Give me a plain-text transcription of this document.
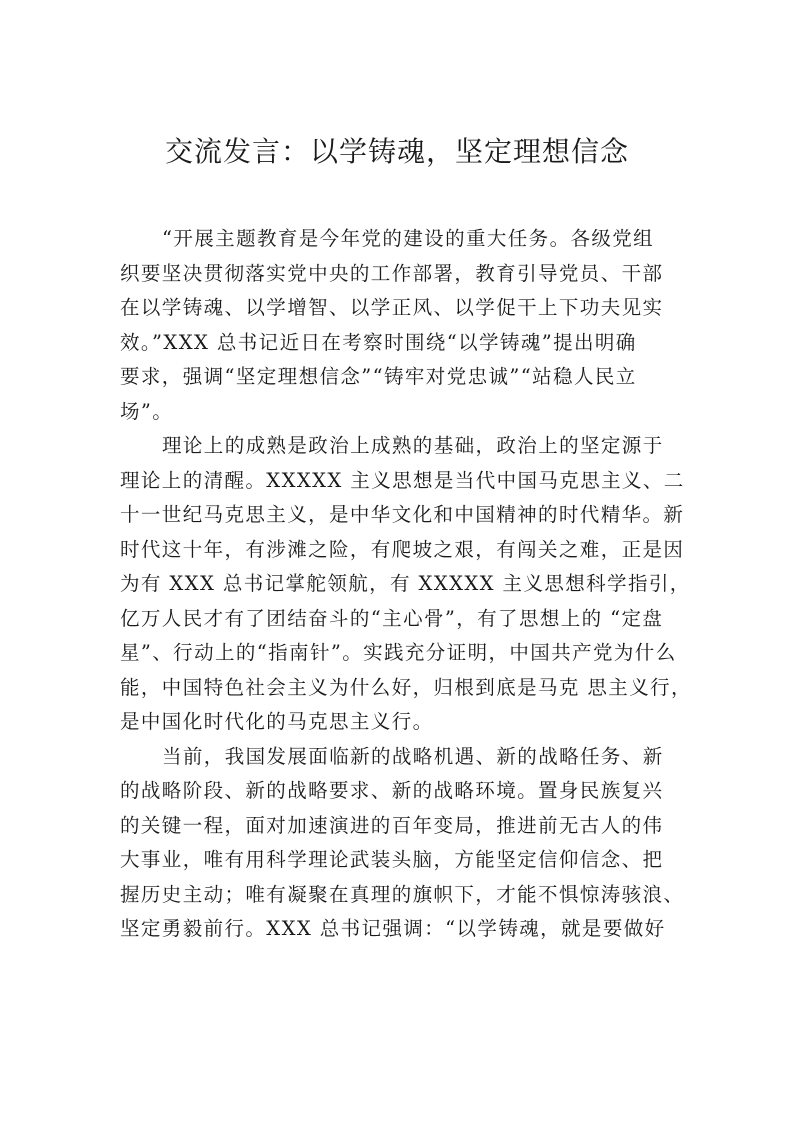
交流发言：以学铸魂，坚定理想信念
“开展主题教育是今年党的建设的重大任务。各级党组
织要坚决贯彻落实党中央的工作部署，教育引导党员、干部
在以学铸魂、以学增智、以学正风、以学促干上下功夫见实
效。”XXX 总书记近日在考察时围绕“以学铸魂”提出明确
要求，强调“坚定理想信念”“铸牢对党忠诚”“站稳人民立
场”。
理论上的成熟是政治上成熟的基础，政治上的坚定源于
理论上的清醒。XXXXX 主义思想是当代中国马克思主义、二
十一世纪马克思主义，是中华文化和中国精神的时代精华。新
时代这十年，有涉滩之险，有爬坡之艰，有闯关之难，正是因
为有 XXX 总书记掌舵领航，有 XXXXX 主义思想科学指引，
亿万人民才有了团结奋斗的“主心骨”，有了思想上的 “定盘
星”、行动上的“指南针”。实践充分证明，中国共产党为什么
能，中国特色社会主义为什么好，归根到底是马克 思主义行，
是中国化时代化的马克思主义行。
当前，我国发展面临新的战略机遇、新的战略任务、新
的战略阶段、新的战略要求、新的战略环境。置身民族复兴
的关键一程，面对加速演进的百年变局，推进前无古人的伟
大事业，唯有用科学理论武装头脑，方能坚定信仰信念、把
握历史主动；唯有凝聚在真理的旗帜下，才能不惧惊涛骇浪、
坚定勇毅前行。XXX 总书记强调：“以学铸魂，就是要做好
